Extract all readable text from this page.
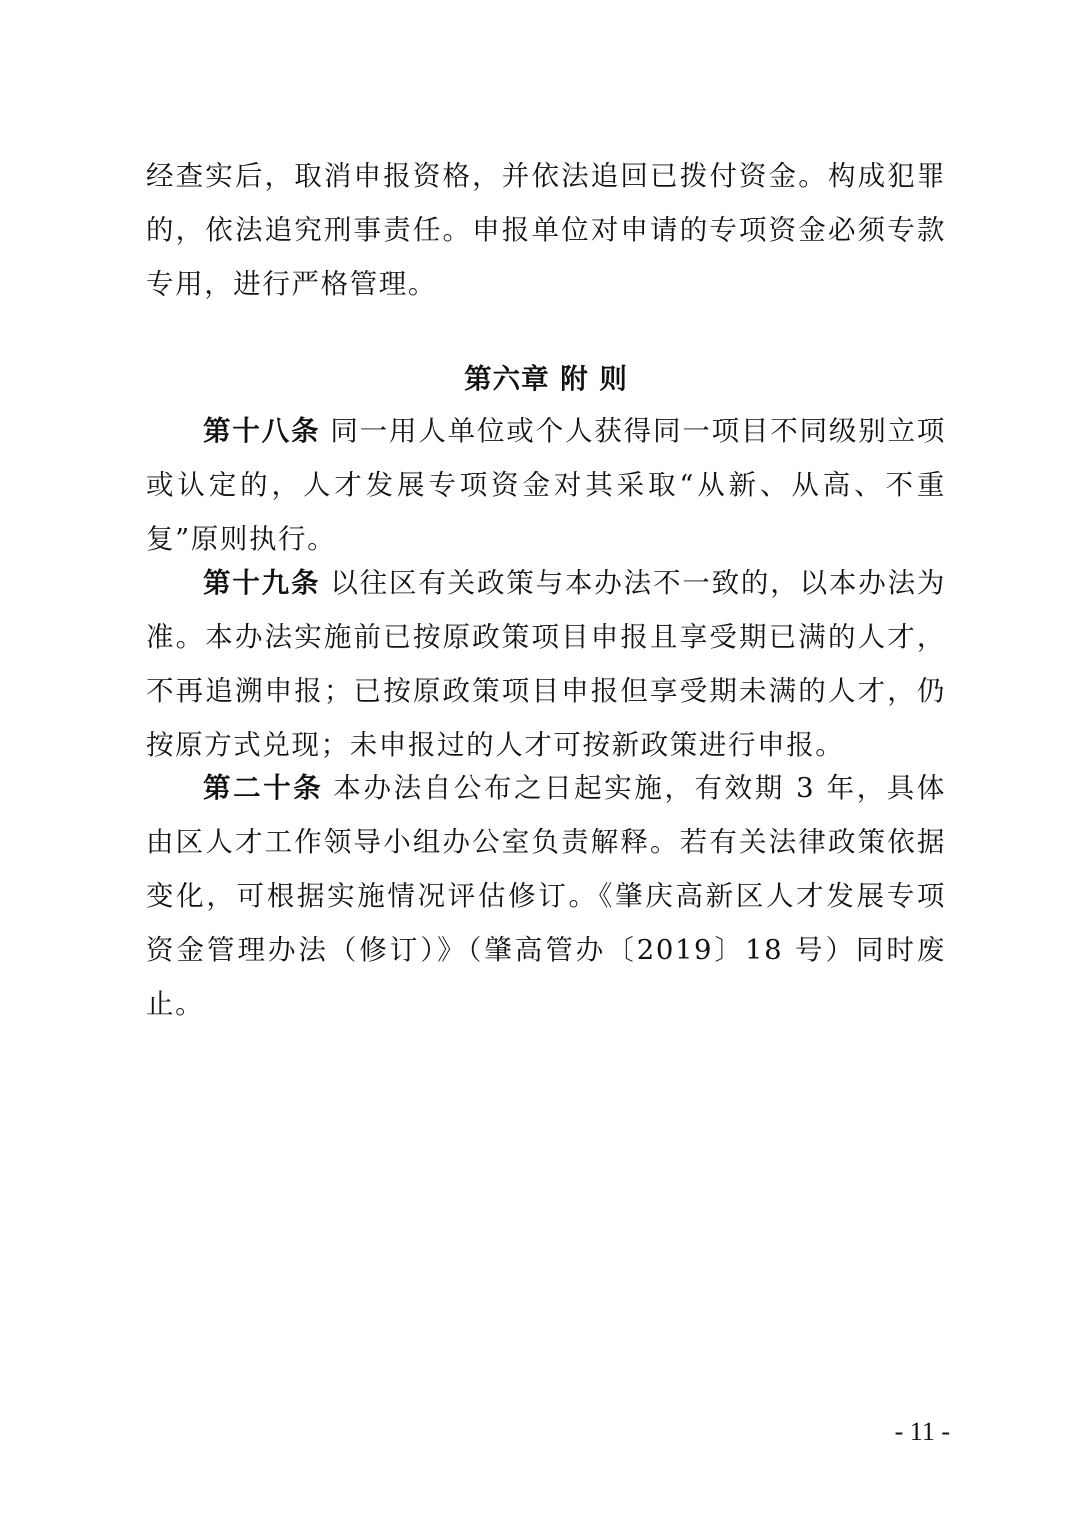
经查实后，取消申报资格，并依法追回已拨付资金。构成犯罪的，依法追究刑事责任。申报单位对申请的专项资金必须专款专用，进行严格管理。

第六章 附 则

第十八条 同一用人单位或个人获得同一项目不同级别立项或认定的，人才发展专项资金对其采取“从新、从高、不重复”原则执行。

第十九条 以往区有关政策与本办法不一致的，以本办法为准。本办法实施前已按原政策项目申报且享受期已满的人才，不再追溯申报；已按原政策项目申报但享受期未满的人才，仍按原方式兑现；未申报过的人才可按新政策进行申报。

第二十条 本办法自公布之日起实施，有效期 3 年，具体由区人才工作领导小组办公室负责解释。若有关法律政策依据变化，可根据实施情况评估修订。《肇庆高新区人才发展专项资金管理办法（修订）》（肇高管办〔2019〕18 号）同时废止。

- 11 -
